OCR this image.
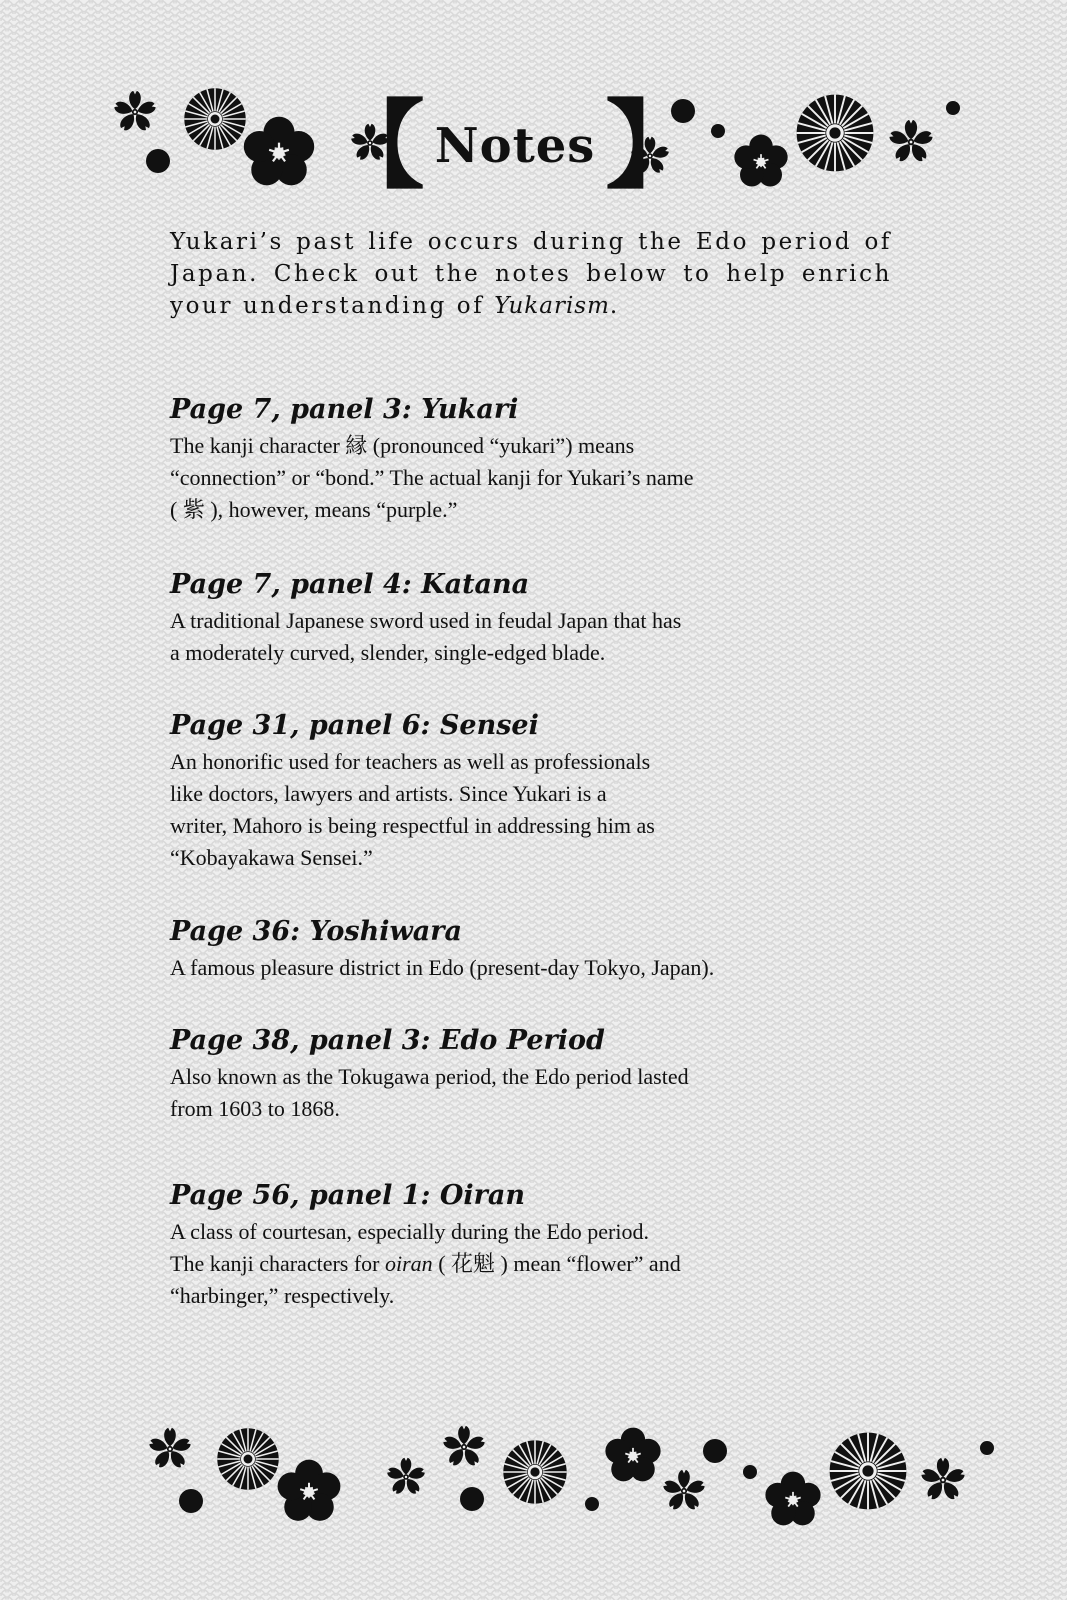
【 Notes 】
Yukari’s past life occurs during the Edo period of Japan. Check out the notes below to help enrich your understanding of Yukarism.
Page 7, panel 3: Yukari

The kanji character 縁 (pronounced “yukari”) means
“connection” or “bond.” The actual kanji for Yukari’s name
( 紫 ), however, means “purple.”

Page 7, panel 4: Katana

A traditional Japanese sword used in feudal Japan that has
a moderately curved, slender, single-edged blade.

Page 31, panel 6: Sensei

An honorific used for teachers as well as professionals
like doctors, lawyers and artists. Since Yukari is a
writer, Mahoro is being respectful in addressing him as
“Kobayakawa Sensei.”

Page 36: Yoshiwara

A famous pleasure district in Edo (present-day Tokyo, Japan).

Page 38, panel 3: Edo Period

Also known as the Tokugawa period, the Edo period lasted
from 1603 to 1868.

Page 56, panel 1: Oiran

A class of courtesan, especially during the Edo period.
The kanji characters for oiran ( 花魁 ) mean “flower” and
“harbinger,” respectively.
